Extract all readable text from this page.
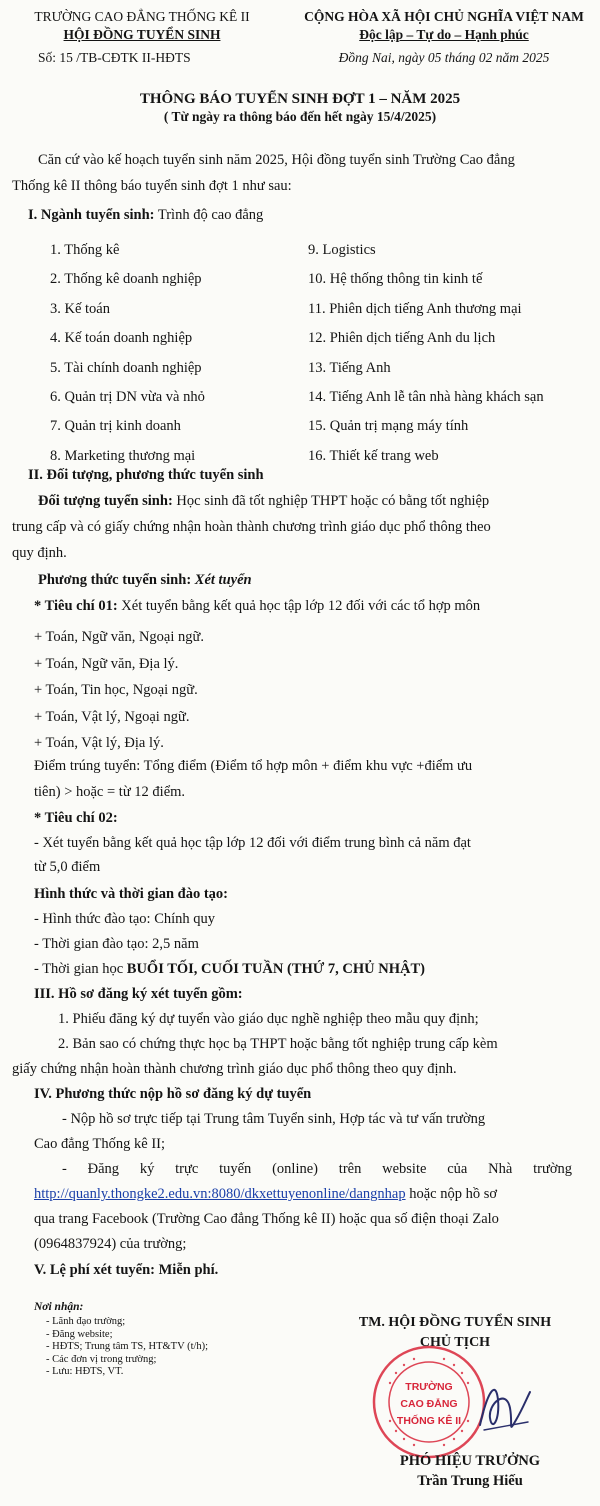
TRƯỜNG CAO ĐẲNG THỐNG KÊ II
HỘI ĐỒNG TUYỂN SINH
Số: 15 /TB-CĐTK II-HĐTS
CỘNG HÒA XÃ HỘI CHỦ NGHĨA VIỆT NAM
Độc lập – Tự do – Hạnh phúc
Đồng Nai, ngày 05 tháng 02 năm 2025
THÔNG BÁO TUYỂN SINH ĐỢT 1 – NĂM 2025
( Từ ngày ra thông báo đến hết ngày 15/4/2025)
Căn cứ vào kế hoạch tuyển sinh năm 2025, Hội đồng tuyển sinh Trường Cao đẳng
Thống kê II thông báo tuyển sinh đợt 1 như sau:
I. Ngành tuyển sinh: Trình độ cao đẳng
1. Thống kê
2. Thống kê doanh nghiệp
3. Kế toán
4. Kế toán doanh nghiệp
5. Tài chính doanh nghiệp
6. Quản trị DN vừa và nhỏ
7. Quản trị kinh doanh
8. Marketing thương mại
9. Logistics
10. Hệ thống thông tin kinh tế
11. Phiên dịch tiếng Anh thương mại
12. Phiên dịch tiếng Anh du lịch
13. Tiếng Anh
14. Tiếng Anh lễ tân nhà hàng khách sạn
15. Quản trị mạng máy tính
16. Thiết kế trang web
II. Đối tượng, phương thức tuyển sinh
Đối tượng tuyển sinh: Học sinh đã tốt nghiệp THPT hoặc có bằng tốt nghiệp
trung cấp và có giấy chứng nhận hoàn thành chương trình giáo dục phổ thông theo
quy định.
Phương thức tuyển sinh: Xét tuyển
* Tiêu chí 01: Xét tuyển bằng kết quả học tập lớp 12 đối với các tổ hợp môn
+ Toán, Ngữ văn, Ngoại ngữ.
+ Toán, Ngữ văn, Địa lý.
+ Toán, Tin học, Ngoại ngữ.
+ Toán, Vật lý, Ngoại ngữ.
+ Toán, Vật lý, Địa lý.
Điểm trúng tuyển: Tổng điểm (Điểm tổ hợp môn + điểm khu vực +điểm ưu
tiên) > hoặc = từ 12 điểm.
* Tiêu chí 02:
- Xét tuyển bằng kết quả học tập lớp 12 đối với điểm trung bình cả năm đạt
từ 5,0 điểm
Hình thức và thời gian đào tạo:
- Hình thức đào tạo: Chính quy
- Thời gian đào tạo: 2,5 năm
- Thời gian học BUỔI TỐI, CUỐI TUẦN (THỨ 7, CHỦ NHẬT)
III. Hồ sơ đăng ký xét tuyển gồm:
1. Phiếu đăng ký dự tuyển vào giáo dục nghề nghiệp theo mẫu quy định;
2. Bản sao có chứng thực học bạ THPT hoặc bằng tốt nghiệp trung cấp kèm
giấy chứng nhận hoàn thành chương trình giáo dục phổ thông theo quy định.
IV. Phương thức nộp hồ sơ đăng ký dự tuyển
- Nộp hồ sơ trực tiếp tại Trung tâm Tuyển sinh, Hợp tác và tư vấn trường
Cao đẳng Thống kê II;
- Đăng ký trực tuyến (online) trên website của Nhà trường
http://quanly.thongke2.edu.vn:8080/dkxettuyenonline/dangnhap hoặc nộp hồ sơ
qua trang Facebook (Trường Cao đẳng Thống kê II) hoặc qua số điện thoại Zalo
(0964837924) của trường;
V. Lệ phí xét tuyển: Miễn phí.
Nơi nhận:
- Lãnh đạo trường;
- Đăng website;
- HĐTS; Trung tâm TS, HT&TV (t/h);
- Các đơn vị trong trường;
- Lưu: HĐTS, VT.
TM. HỘI ĐỒNG TUYỂN SINH
CHỦ TỊCH
TRƯỜNG
CAO ĐẲNG
THỐNG KÊ II
PHÓ HIỆU TRƯỞNG
Trần Trung Hiếu
